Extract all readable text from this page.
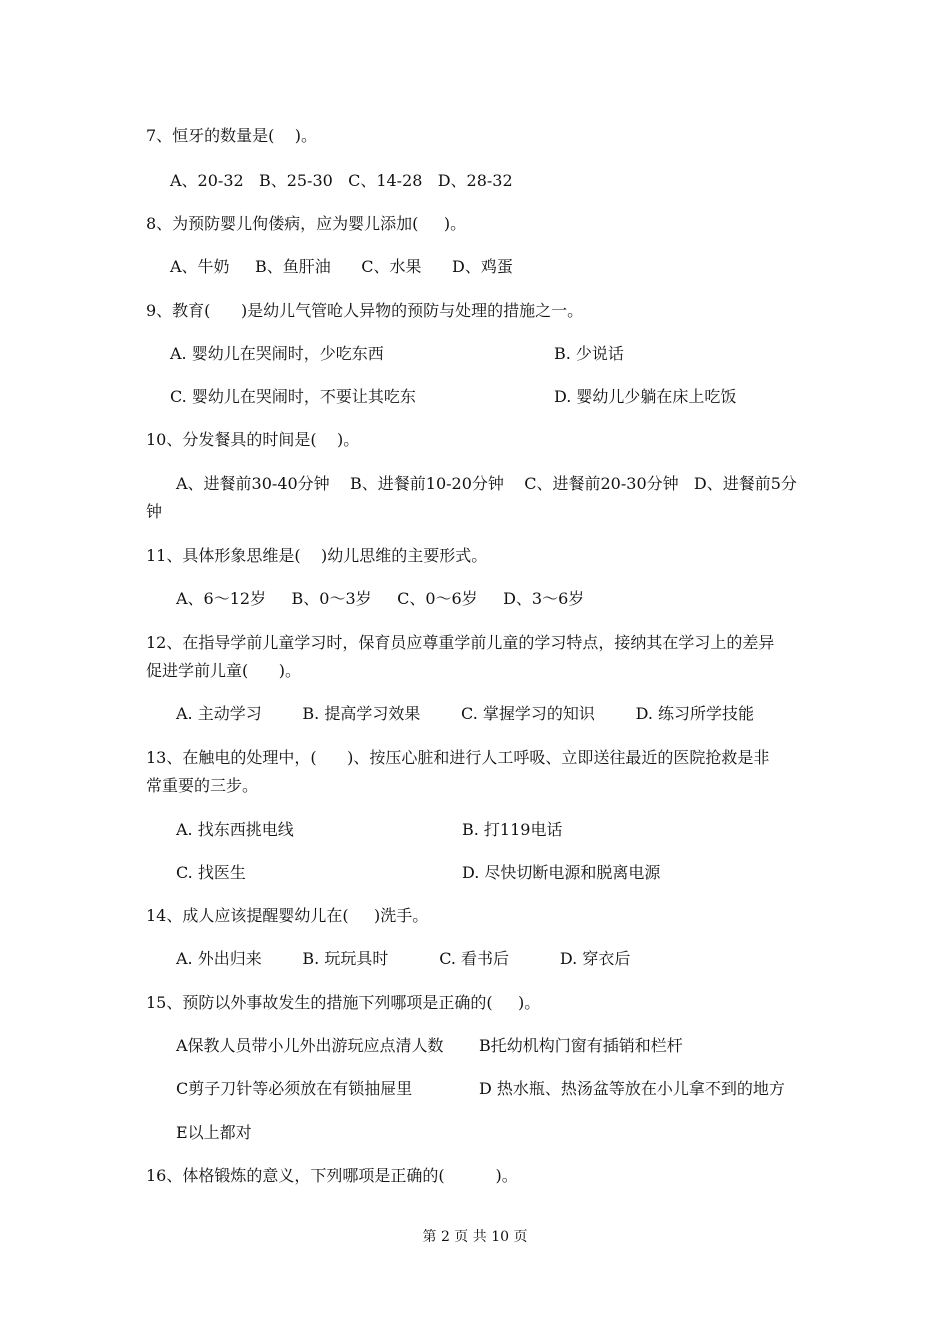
7、恒牙的数量是(    )。
A、20-32   B、25-30   C、14-28   D、28-32
8、为预防婴儿佝偻病，应为婴儿添加(     )。
A、牛奶     B、鱼肝油      C、水果      D、鸡蛋
9、教育(      )是幼儿气管呛人异物的预防与处理的措施之一。
A. 婴幼儿在哭闹时，少吃东西	B. 少说话
C. 婴幼儿在哭闹时，不要让其吃东	D. 婴幼儿少躺在床上吃饭
10、分发餐具的时间是(    )。
A、进餐前30-40分钟    B、进餐前10-20分钟    C、进餐前20-30分钟   D、进餐前5分
钟
11、具体形象思维是(    )幼儿思维的主要形式。
A、6～12岁     B、0～3岁     C、0～6岁     D、3～6岁
12、在指导学前儿童学习时，保育员应尊重学前儿童的学习特点，接纳其在学习上的差异
促进学前儿童(      )。
A. 主动学习        B. 提高学习效果        C. 掌握学习的知识        D. 练习所学技能
13、在触电的处理中，(      )、按压心脏和进行人工呼吸、立即送往最近的医院抢救是非
常重要的三步。
A. 找东西挑电线	B. 打119电话
C. 找医生	D. 尽快切断电源和脱离电源
14、成人应该提醒婴幼儿在(     )洗手。
A. 外出归来        B. 玩玩具时          C. 看书后          D. 穿衣后
15、预防以外事故发生的措施下列哪项是正确的(     )。
A保教人员带小儿外出游玩应点清人数 B托幼机构门窗有插销和栏杆
C剪子刀针等必须放在有锁抽屉里	D 热水瓶、热汤盆等放在小儿拿不到的地方
E以上都对
16、体格锻炼的意义，下列哪项是正确的(          )。
第 2 页 共 10 页
